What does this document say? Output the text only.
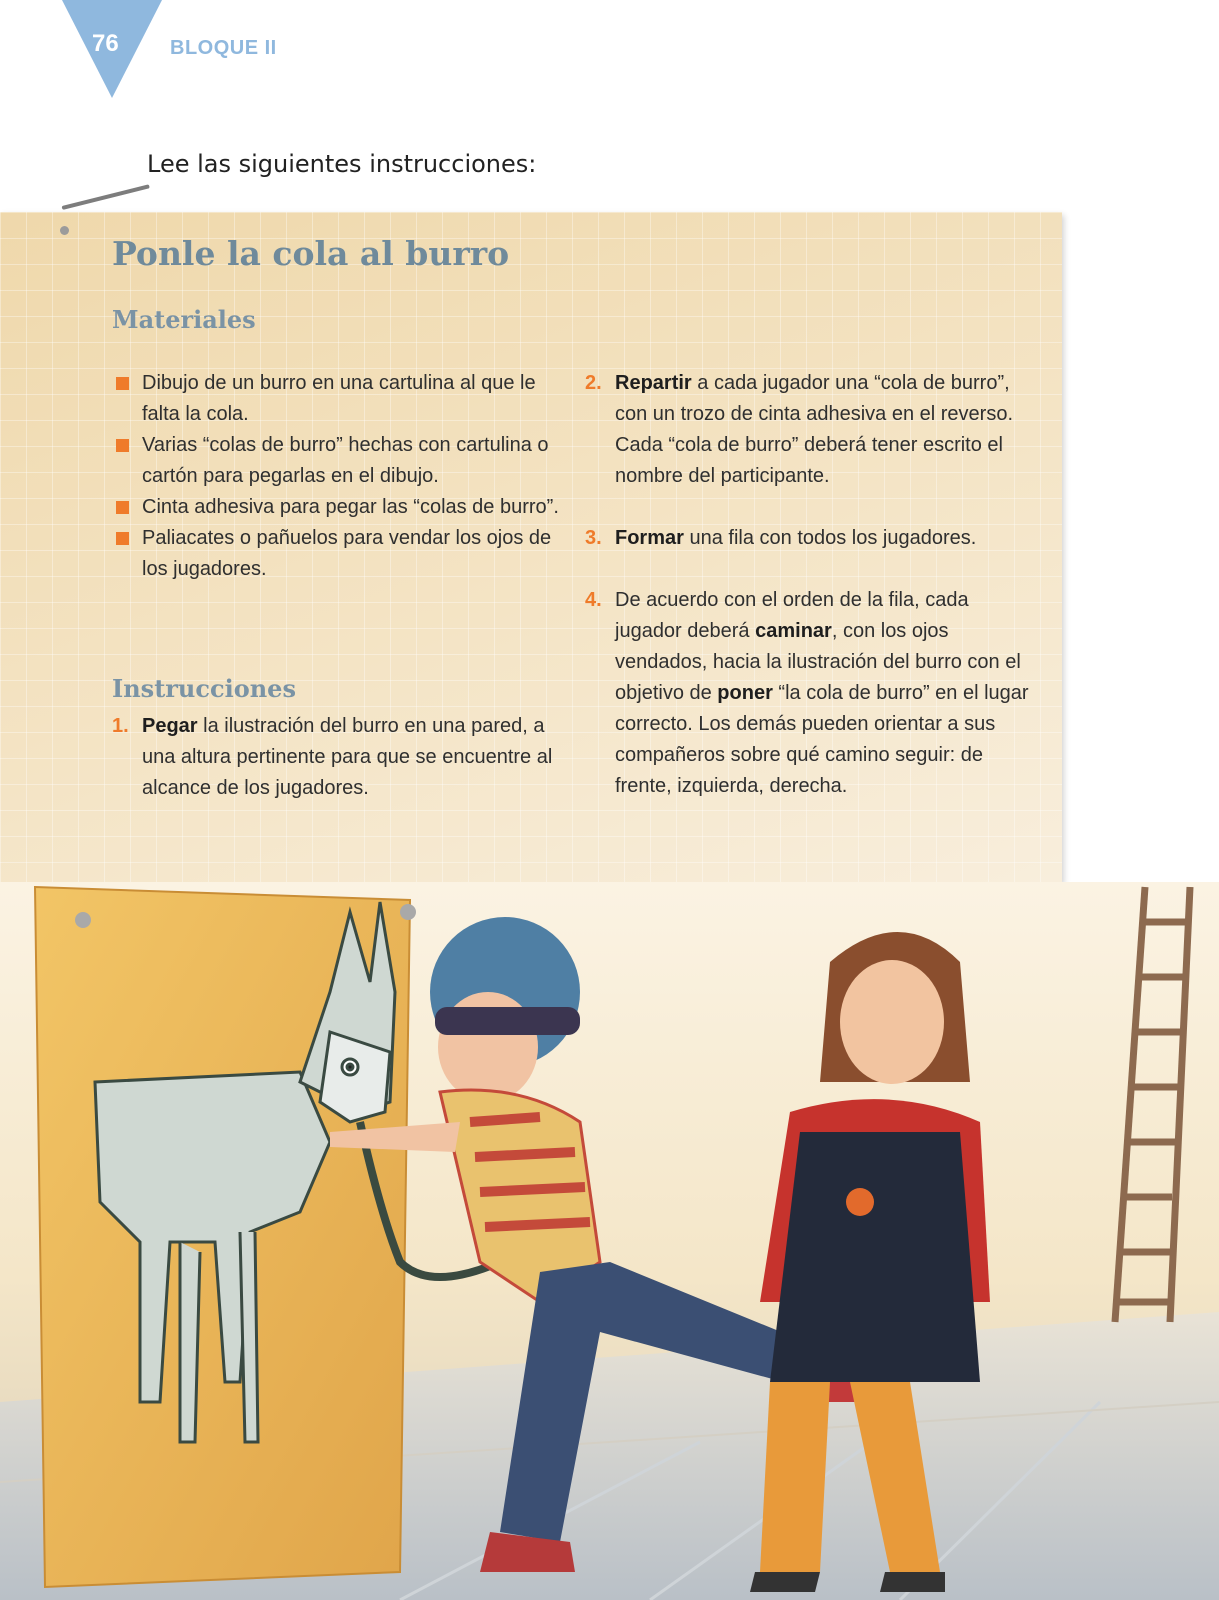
76	BLOQUE II
Lee las siguientes instrucciones:
Ponle la cola al burro
Materiales
Dibujo de un burro en una cartulina al que le falta la cola.
Varias “colas de burro” hechas con cartulina o cartón para pegarlas en el dibujo.
Cinta adhesiva para pegar las “colas de burro”.
Paliacates o pañuelos para vendar los ojos de los jugadores.
1. Pegar la ilustración del burro en una pared, a una altura pertinente para que se encuentre al alcance de los jugadores.
Instrucciones
2. Repartir a cada jugador una “cola de burro”, con un trozo de cinta adhesiva en el reverso. Cada “cola de burro” deberá tener escrito el nombre del participante.
3. Formar una fila con todos los jugadores.
4. De acuerdo con el orden de la fila, cada jugador deberá caminar, con los ojos vendados, hacia la ilustración del burro con el objetivo de poner “la cola de burro” en el lugar correcto. Los demás pueden orientar a sus compañeros sobre qué camino seguir: de frente, izquierda, derecha.
